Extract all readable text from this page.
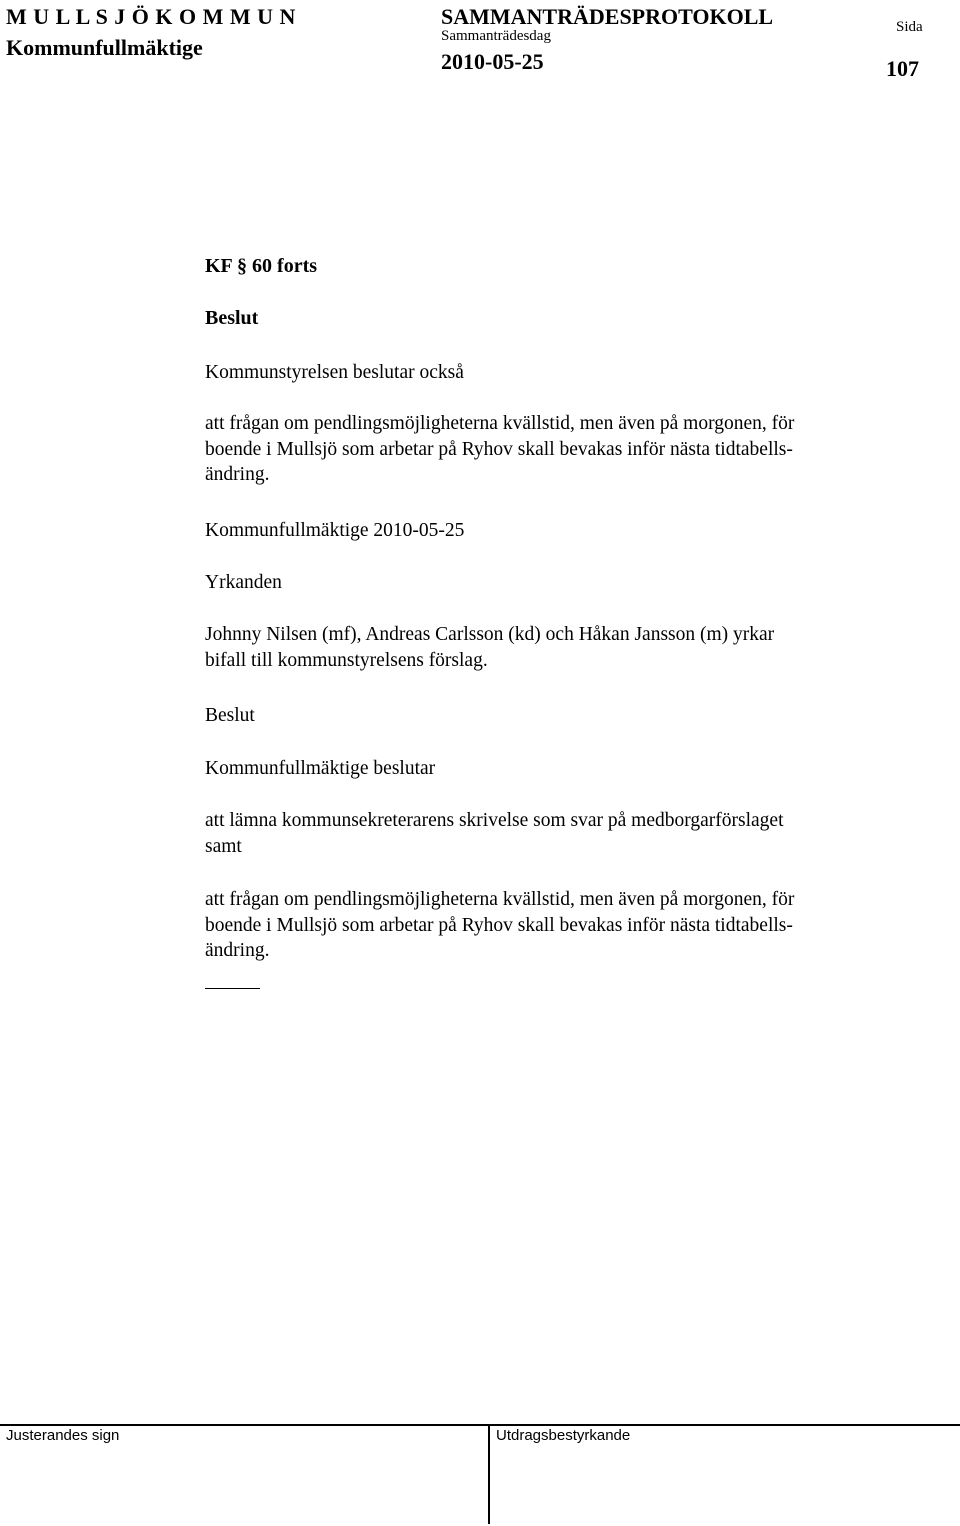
M U L L S J Ö K O M M U N
Kommunfullmäktige
SAMMANTRÄDESPROTOKOLL
Sammanträdesdag
2010-05-25
Sida
107
KF § 60 forts
Beslut
Kommunstyrelsen beslutar också
att frågan om pendlingsmöjligheterna kvällstid, men även på morgonen, för
boende i Mullsjö som arbetar på Ryhov skall bevakas inför nästa tidtabells-
ändring.
Kommunfullmäktige 2010-05-25
Yrkanden
Johnny Nilsen (mf), Andreas Carlsson (kd) och Håkan Jansson (m) yrkar
bifall till kommunstyrelsens förslag.
Beslut
Kommunfullmäktige beslutar
att lämna kommunsekreterarens skrivelse som svar på medborgarförslaget
samt
att frågan om pendlingsmöjligheterna kvällstid, men även på morgonen, för
boende i Mullsjö som arbetar på Ryhov skall bevakas inför nästa tidtabells-
ändring.
Justerandes sign	Utdragsbestyrkande
